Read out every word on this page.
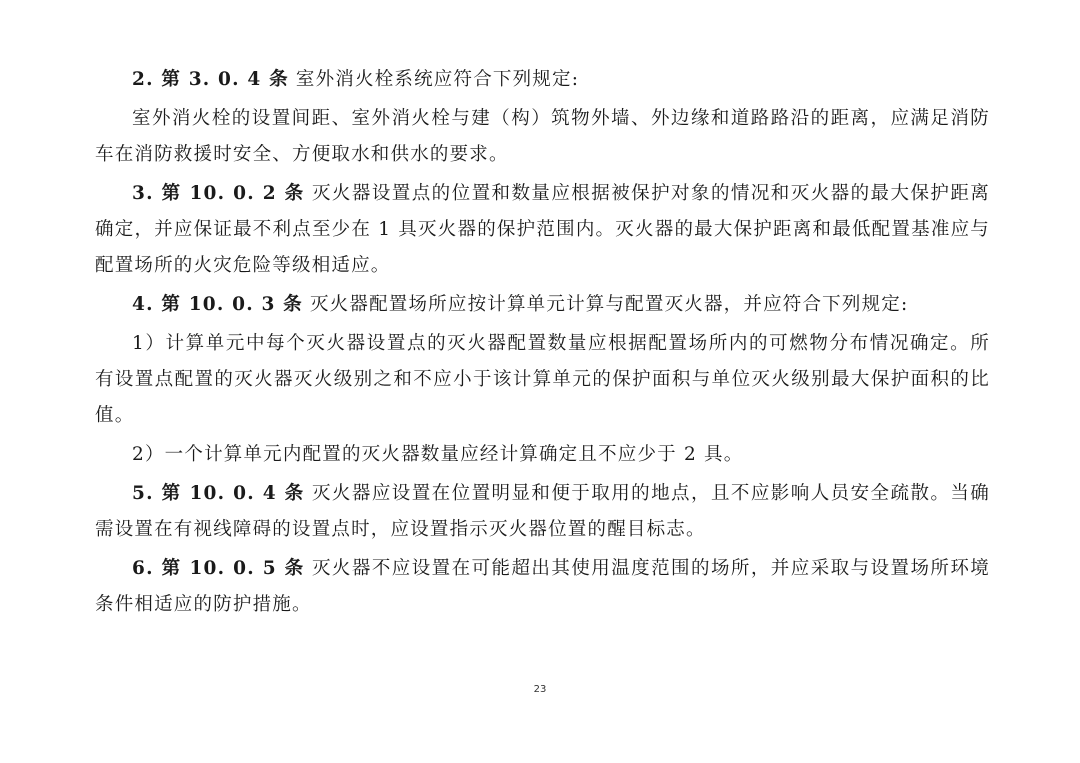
2. 第 3. 0. 4 条 室外消火栓系统应符合下列规定:

室外消火栓的设置间距、室外消火栓与建（构）筑物外墙、外边缘和道路路沿的距离，应满足消防车在消防救援时安全、方便取水和供水的要求。

3. 第 10. 0. 2 条 灭火器设置点的位置和数量应根据被保护对象的情况和灭火器的最大保护距离确定，并应保证最不利点至少在 1 具灭火器的保护范围内。灭火器的最大保护距离和最低配置基准应与配置场所的火灾危险等级相适应。

4. 第 10. 0. 3 条 灭火器配置场所应按计算单元计算与配置灭火器，并应符合下列规定:

1）计算单元中每个灭火器设置点的灭火器配置数量应根据配置场所内的可燃物分布情况确定。所有设置点配置的灭火器灭火级别之和不应小于该计算单元的保护面积与单位灭火级别最大保护面积的比值。

2）一个计算单元内配置的灭火器数量应经计算确定且不应少于 2 具。

5. 第 10. 0. 4 条 灭火器应设置在位置明显和便于取用的地点，且不应影响人员安全疏散。当确需设置在有视线障碍的设置点时，应设置指示灭火器位置的醒目标志。

6. 第 10. 0. 5 条 灭火器不应设置在可能超出其使用温度范围的场所，并应采取与设置场所环境条件相适应的防护措施。

23
